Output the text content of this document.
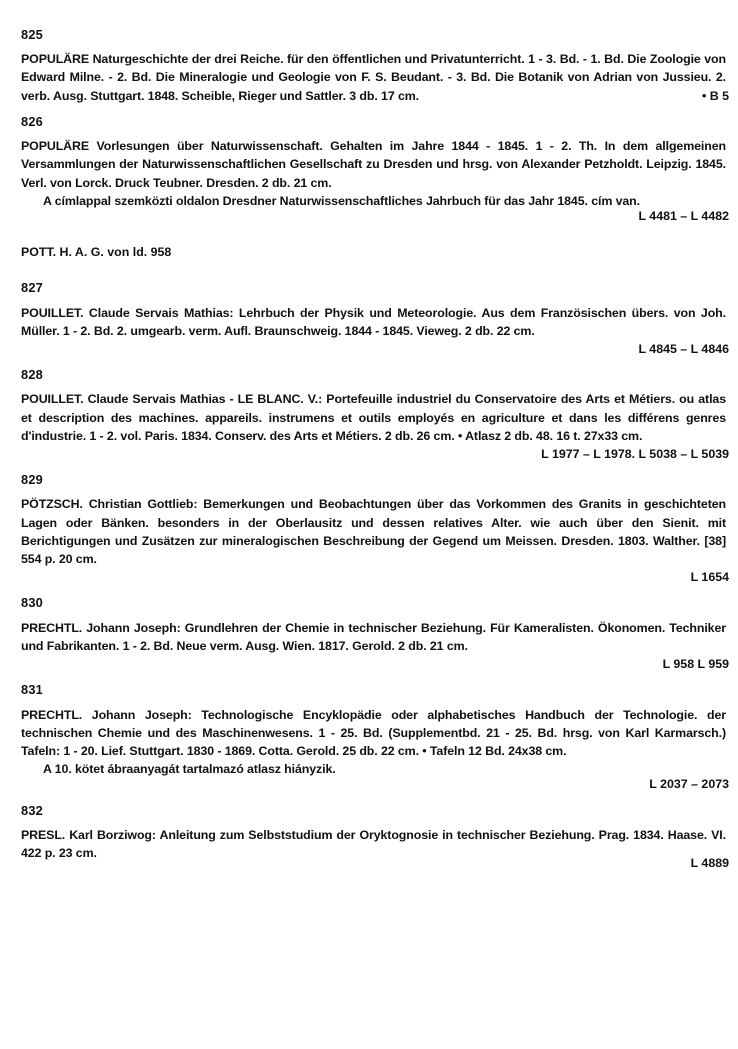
825
POPULÄRE Naturgeschichte der drei Reiche. für den öffentlichen und Privatunterricht. 1 - 3. Bd. - 1. Bd. Die Zoologie von Edward Milne. - 2. Bd. Die Mineralogie und Geologie von F. S. Beudant. - 3. Bd. Die Botanik von Adrian von Jussieu. 2. verb. Ausg. Stuttgart. 1848. Scheible, Rieger und Sattler. 3 db. 17 cm.	• B 5
826
POPULÄRE Vorlesungen über Naturwissenschaft. Gehalten im Jahre 1844 - 1845. 1 - 2. Th. In dem allgemeinen Versammlungen der Naturwissenschaftlichen Gesellschaft zu Dresden und hrsg. von Alexander Petzholdt. Leipzig. 1845. Verl. von Lorck. Druck Teubner. Dresden. 2 db. 21 cm.
A címlappal szemközti oldalon Dresdner Naturwissenschaftliches Jahrbuch für das Jahr 1845. cím van.
L 4481 – L 4482
POTT. H. A. G. von ld. 958
827
POUILLET. Claude Servais Mathias: Lehrbuch der Physik und Meteorologie. Aus dem Französischen übers. von Joh. Müller. 1 - 2. Bd. 2. umgearb. verm. Aufl. Braunschweig. 1844 - 1845. Vieweg. 2 db. 22 cm.
L 4845 – L 4846
828
POUILLET. Claude Servais Mathias - LE BLANC. V.: Portefeuille industriel du Conservatoire des Arts et Métiers. ou atlas et description des machines. appareils. instrumens et outils employés en agriculture et dans les différens genres d'industrie. 1 - 2. vol. Paris. 1834. Conserv. des Arts et Métiers. 2 db. 26 cm. • Atlasz 2 db. 48. 16 t. 27x33 cm.
L 1977 – L 1978. L 5038 – L 5039
829
PÖTZSCH. Christian Gottlieb: Bemerkungen und Beobachtungen über das Vorkommen des Granits in geschichteten Lagen oder Bänken. besonders in der Oberlausitz und dessen relatives Alter. wie auch über den Sienit. mit Berichtigungen und Zusätzen zur mineralogischen Beschreibung der Gegend um Meissen. Dresden. 1803. Walther. [38] 554 p. 20 cm.
L 1654
830
PRECHTL. Johann Joseph: Grundlehren der Chemie in technischer Beziehung. Für Kameralisten. Ökonomen. Techniker und Fabrikanten. 1 - 2. Bd. Neue verm. Ausg. Wien. 1817. Gerold. 2 db. 21 cm.
L 958 L 959
831
PRECHTL. Johann Joseph: Technologische Encyklopädie oder alphabetisches Handbuch der Technologie. der technischen Chemie und des Maschinenwesens. 1 - 25. Bd. (Supplementbd. 21 - 25. Bd. hrsg. von Karl Karmarsch.) Tafeln: 1 - 20. Lief. Stuttgart. 1830 - 1869. Cotta. Gerold. 25 db. 22 cm. • Tafeln 12 Bd. 24x38 cm.
A 10. kötet ábraanyagát tartalmazó atlasz hiányzik.
L 2037 – 2073
832
PRESL. Karl Borziwog: Anleitung zum Selbststudium der Oryktognosie in technischer Beziehung. Prag. 1834. Haase. VI. 422 p. 23 cm.
L 4889
